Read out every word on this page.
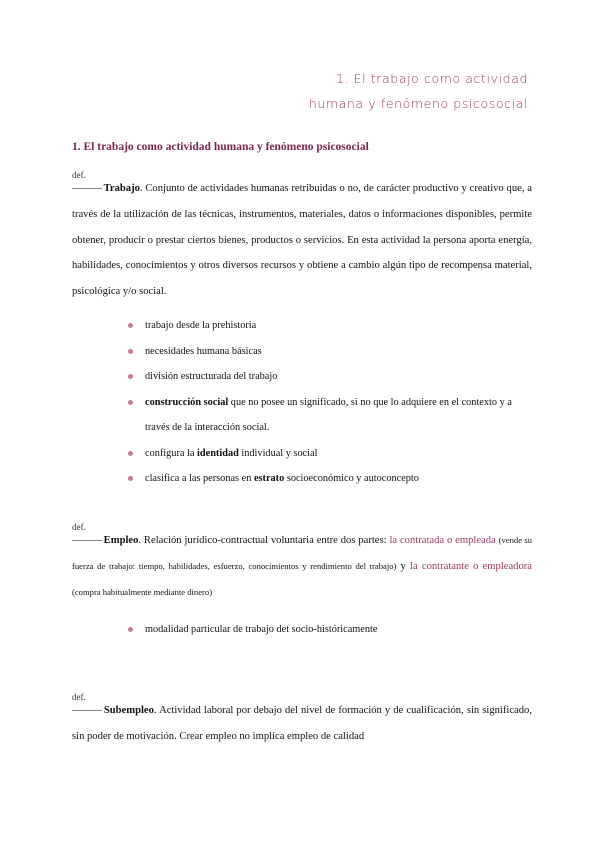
1. El trabajo como actividad
humana y fenómeno psicosocial
1. El trabajo como actividad humana y fenómeno psicosocial
def.
——— Trabajo. Conjunto de actividades humanas retribuidas o no, de carácter productivo y creativo que, a través de la utilización de las técnicas, instrumentos, materiales, datos o informaciones disponibles, permite obtener, producir o prestar ciertos bienes, productos o servicios. En esta actividad la persona aporta energía, habilidades, conocimientos y otros diversos recursos y obtiene a cambio algún tipo de recompensa material, psicológica y/o social.
trabajo desde la prehistoria
necesidades humana básicas
división estructurada del trabajo
construcción social que no posee un significado, si no que lo adquiere en el contexto y a través de la interacción social.
configura la identidad individual y social
clasifica a las personas en estrato socioeconómico y autoconcepto
def.
——— Empleo. Relación jurídico-contractual voluntaria entre dos partes: la contratada o empleada (vende su fuerza de trabajo: tiempo, habilidades, esfuerzo, conocimientos y rendimiento del trabajo) y la contratante o empleadora (compra habitualmente mediante dinero)
modalidad particular de trabajo det socio-históricamente
def.
——— Subempleo. Actividad laboral por debajo del nivel de formación y de cualificación, sin significado, sin poder de motivación. Crear empleo no implica empleo de calidad
